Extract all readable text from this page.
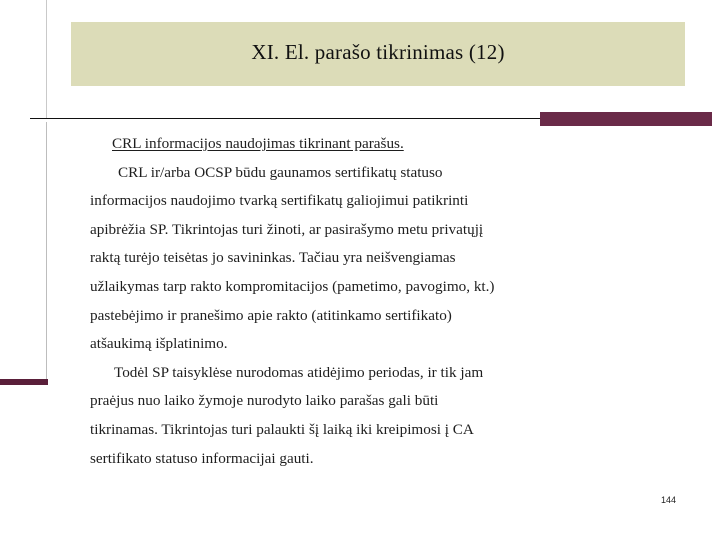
XI. El. parašo tikrinimas (12)

CRL informacijos naudojimas tikrinant parašus.

CRL ir/arba OCSP būdu gaunamos sertifikatų statuso

informacijos naudojimo tvarką sertifikatų galiojimui patikrinti

apibrėžia SP. Tikrintojas turi žinoti, ar pasirašymo metu privatųjį

raktą turėjo teisėtas jo savininkas. Tačiau yra neišvengiamas

užlaikymas tarp rakto kompromitacijos (pametimo, pavogimo, kt.)

pastebėjimo ir pranešimo apie rakto (atitinkamo sertifikato)

atšaukimą išplatinimo.

Todėl SP taisyklėse nurodomas atidėjimo periodas, ir tik jam

praėjus nuo laiko žymoje nurodyto laiko parašas gali būti

tikrinamas. Tikrintojas turi palaukti šį laiką iki kreipimosi į CA

sertifikato statuso informacijai gauti.

144
